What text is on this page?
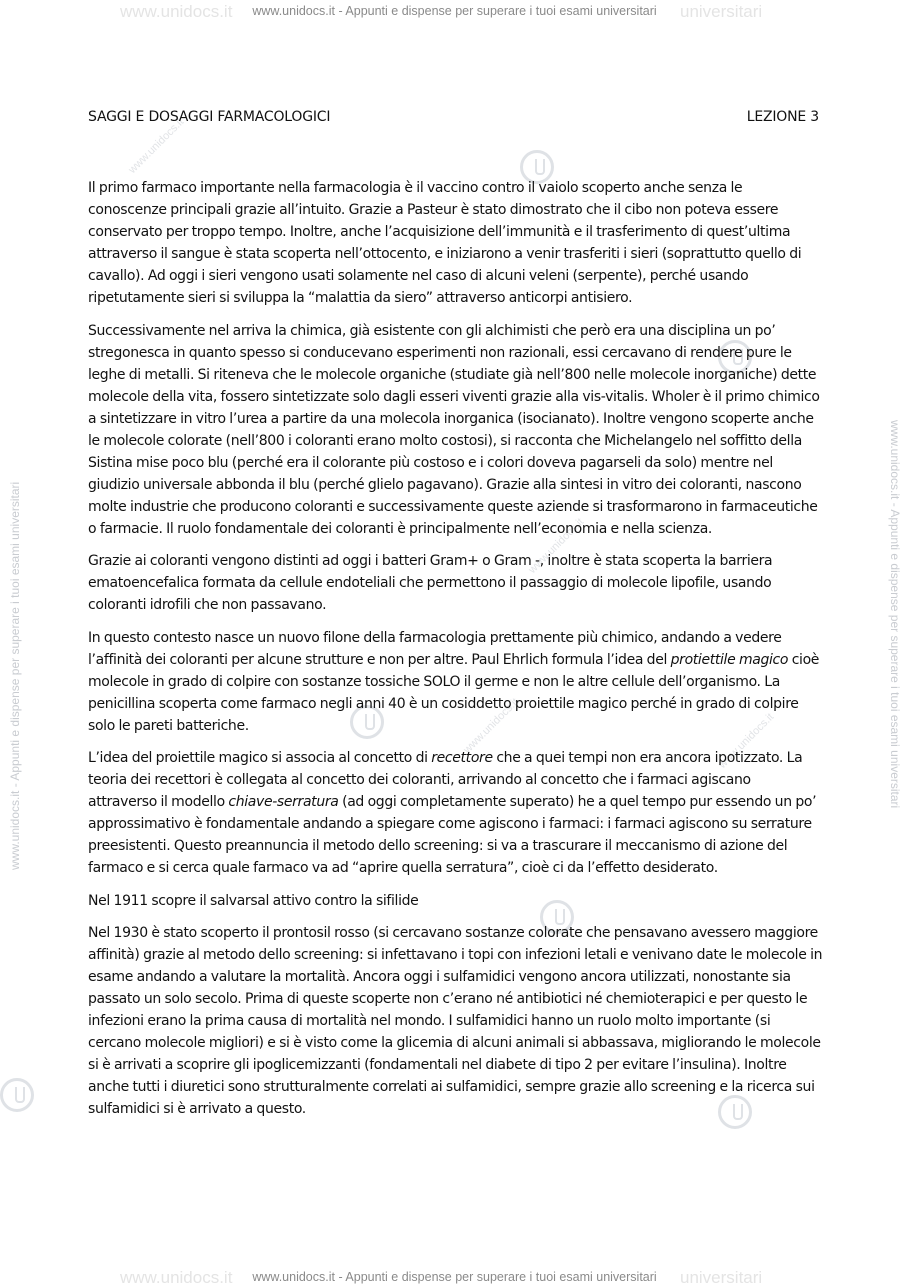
www.unidocs.it www.unidocs.it - Appunti e dispense per superare i tuoi esami universitari universitari
www.unidocs.it www.unidocs.it - Appunti e dispense per superare i tuoi esami universitari universitari
www.unidocs.it - Appunti e dispense per superare i tuoi esami universitari	www.unidocs.it - Appunti e dispense per superare i tuoi esami universitari
www.unidocs.it
www.unidocs.it
www.unidocs.it	www.unidocs.it
SAGGI E DOSAGGI FARMACOLOGICI	LEZIONE 3

Il primo farmaco importante nella farmacologia è il vaccino contro il vaiolo scoperto anche senza le conoscenze principali grazie all’intuito. Grazie a Pasteur è stato dimostrato che il cibo non poteva essere conservato per troppo tempo. Inoltre, anche l’acquisizione dell’immunità e il trasferimento di quest’ultima attraverso il sangue è stata scoperta nell’ottocento, e iniziarono a venir trasferiti i sieri (soprattutto quello di cavallo). Ad oggi i sieri vengono usati solamente nel caso di alcuni veleni (serpente), perché usando ripetutamente sieri si sviluppa la “malattia da siero” attraverso anticorpi antisiero.

Successivamente nel arriva la chimica, già esistente con gli alchimisti che però era una disciplina un po’ stregonesca in quanto spesso si conducevano esperimenti non razionali, essi cercavano di rendere pure le leghe di metalli. Si riteneva che le molecole organiche (studiate già nell’800 nelle molecole inorganiche) dette molecole della vita, fossero sintetizzate solo dagli esseri viventi grazie alla vis-vitalis. Wholer è il primo chimico a sintetizzare in vitro l’urea a partire da una molecola inorganica (isocianato). Inoltre vengono scoperte anche le molecole colorate (nell’800 i coloranti erano molto costosi), si racconta che Michelangelo nel soffitto della Sistina mise poco blu (perché era il colorante più costoso e i colori doveva pagarseli da solo) mentre nel giudizio universale abbonda il blu (perché glielo pagavano). Grazie alla sintesi in vitro dei coloranti, nascono molte industrie che producono coloranti e successivamente queste aziende si trasformarono in farmaceutiche o farmacie. Il ruolo fondamentale dei coloranti è principalmente nell’economia e nella scienza.

Grazie ai coloranti vengono distinti ad oggi i batteri Gram+ o Gram -, inoltre è stata scoperta la barriera ematoencefalica formata da cellule endoteliali che permettono il passaggio di molecole lipofile, usando coloranti idrofili che non passavano.

In questo contesto nasce un nuovo filone della farmacologia prettamente più chimico, andando a vedere l’affinità dei coloranti per alcune strutture e non per altre. Paul Ehrlich formula l’idea del protiettile magico cioè molecole in grado di colpire con sostanze tossiche SOLO il germe e non le altre cellule dell’organismo. La penicillina scoperta come farmaco negli anni 40 è un cosiddetto proiettile magico perché in grado di colpire solo le pareti batteriche.

L’idea del proiettile magico si associa al concetto di recettore che a quei tempi non era ancora ipotizzato. La teoria dei recettori è collegata al concetto dei coloranti, arrivando al concetto che i farmaci agiscano attraverso il modello chiave-serratura (ad oggi completamente superato) he a quel tempo pur essendo un po’ approssimativo è fondamentale andando a spiegare come agiscono i farmaci: i farmaci agiscono su serrature preesistenti. Questo preannuncia il metodo dello screening: si va a trascurare il meccanismo di azione del farmaco e si cerca quale farmaco va ad “aprire quella serratura”, cioè ci da l’effetto desiderato.

Nel 1911 scopre il salvarsal attivo contro la sifilide

Nel 1930 è stato scoperto il prontosil rosso (si cercavano sostanze colorate che pensavano avessero maggiore affinità) grazie al metodo dello screening: si infettavano i topi con infezioni letali e venivano date le molecole in esame andando a valutare la mortalità. Ancora oggi i sulfamidici vengono ancora utilizzati, nonostante sia passato un solo secolo. Prima di queste scoperte non c’erano né antibiotici né chemioterapici e per questo le infezioni erano la prima causa di mortalità nel mondo. I sulfamidici hanno un ruolo molto importante (si cercano molecole migliori) e si è visto come la glicemia di alcuni animali si abbassava, migliorando le molecole si è arrivati a scoprire gli ipoglicemizzanti (fondamentali nel diabete di tipo 2 per evitare l’insulina). Inoltre anche tutti i diuretici sono strutturalmente correlati ai sulfamidici, sempre grazie allo screening e la ricerca sui sulfamidici si è arrivato a questo.
